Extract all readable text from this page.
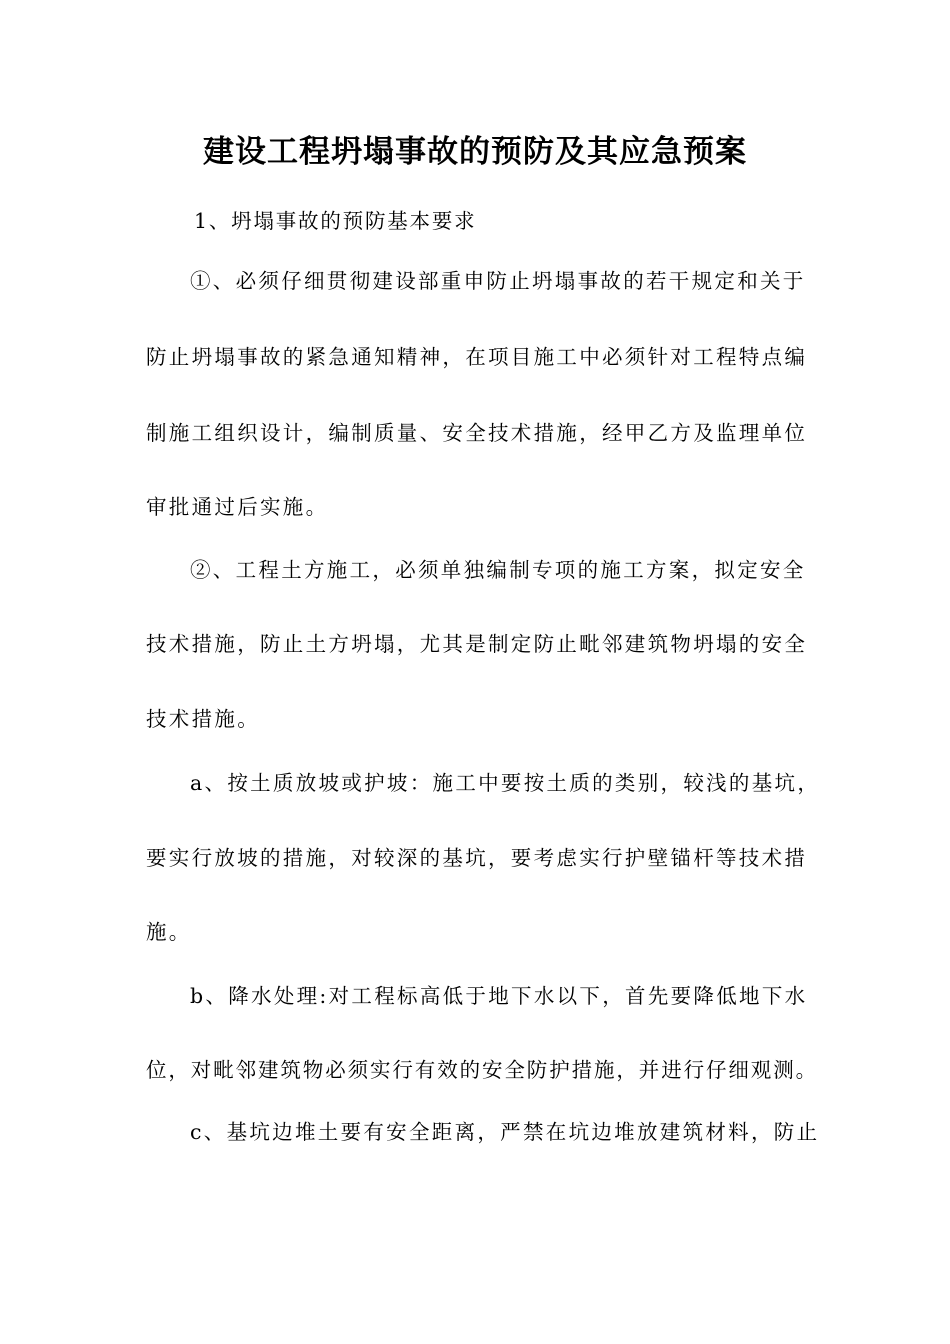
建设工程坍塌事故的预防及其应急预案
1、坍塌事故的预防基本要求
①、必须仔细贯彻建设部重申防止坍塌事故的若干规定和关于
防止坍塌事故的紧急通知精神，在项目施工中必须针对工程特点编
制施工组织设计，编制质量、安全技术措施，经甲乙方及监理单位
审批通过后实施。
②、工程土方施工，必须单独编制专项的施工方案，拟定安全
技术措施，防止土方坍塌，尤其是制定防止毗邻建筑物坍塌的安全
技术措施。
a、按土质放坡或护坡：施工中要按土质的类别，较浅的基坑，
要实行放坡的措施，对较深的基坑，要考虑实行护壁锚杆等技术措
施。
b、降水处理:对工程标高低于地下水以下，首先要降低地下水
位，对毗邻建筑物必须实行有效的安全防护措施，并进行仔细观测。
c、基坑边堆土要有安全距离，严禁在坑边堆放建筑材料，防止
